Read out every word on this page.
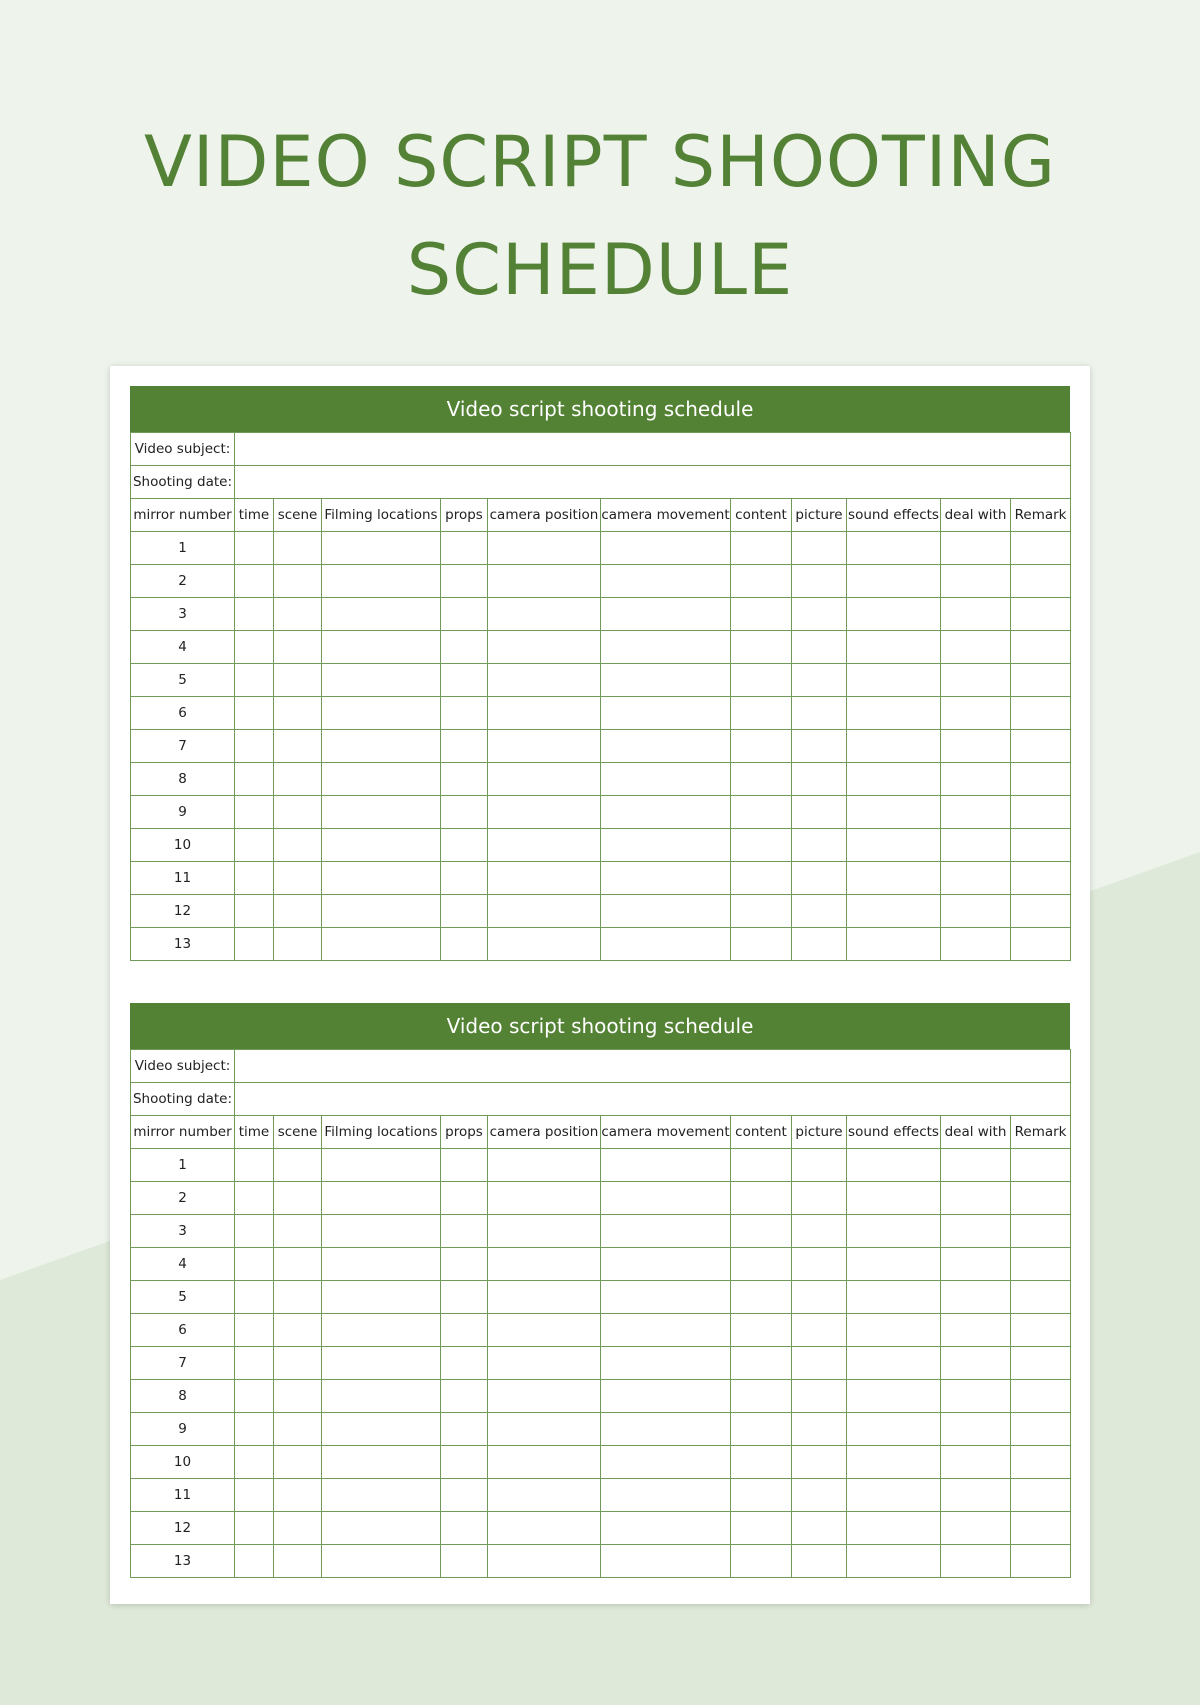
VIDEO SCRIPT SHOOTING
SCHEDULE
Video script shooting schedule
Video subject:											
Shooting date:											
mirror number	time	scene	Filming locations	props	camera position	camera movement	content	picture	sound effects	deal with	Remark
1											
2											
3											
4											
5											
6											
7											
8											
9											
10											
11											
12											
13											
Video script shooting schedule
Video subject:											
Shooting date:											
mirror number	time	scene	Filming locations	props	camera position	camera movement	content	picture	sound effects	deal with	Remark
1											
2											
3											
4											
5											
6											
7											
8											
9											
10											
11											
12											
13											
